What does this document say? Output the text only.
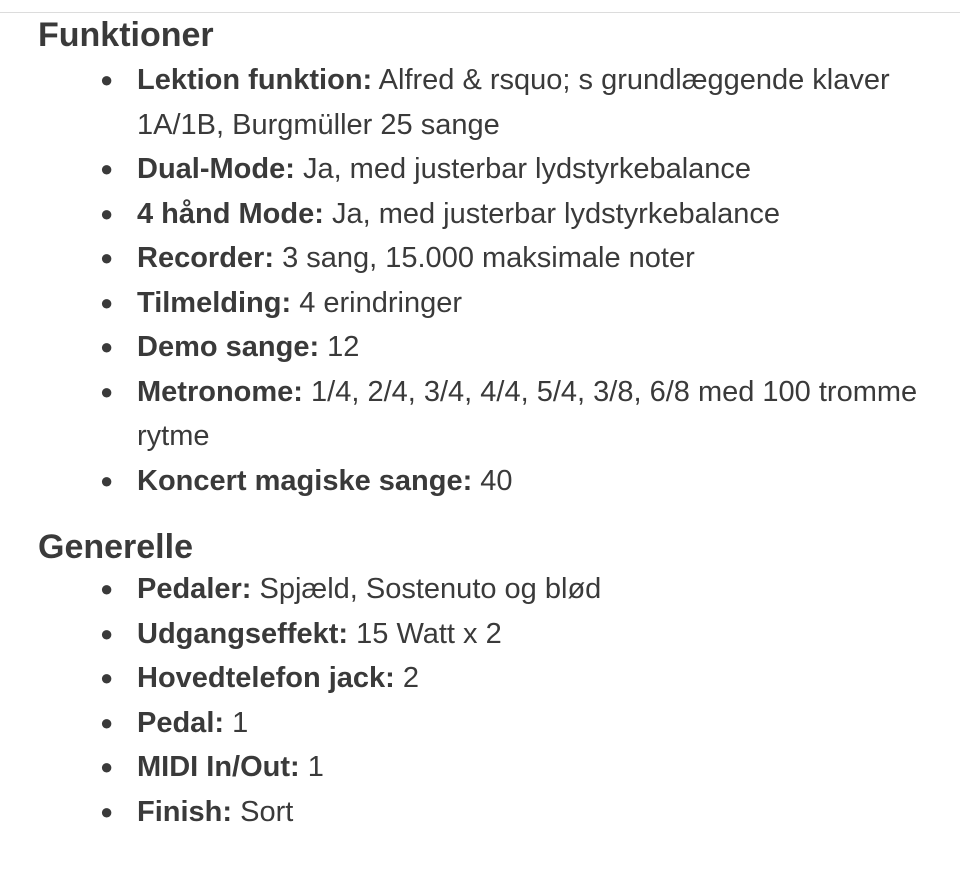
Funktioner
● Lektion funktion: Alfred & rsquo; s grundlæggende klaver 1A/1B, Burgmüller 25 sange
● Dual-Mode: Ja, med justerbar lydstyrkebalance
● 4 hånd Mode: Ja, med justerbar lydstyrkebalance
● Recorder: 3 sang, 15.000 maksimale noter
● Tilmelding: 4 erindringer
● Demo sange: 12
● Metronome: 1/4, 2/4, 3/4, 4/4, 5/4, 3/8, 6/8 med 100 tromme rytme
● Koncert magiske sange: 40
Generelle
● Pedaler: Spjæld, Sostenuto og blød
● Udgangseffekt: 15 Watt x 2
● Hovedtelefon jack: 2
● Pedal: 1
● MIDI In/Out: 1
● Finish: Sort
